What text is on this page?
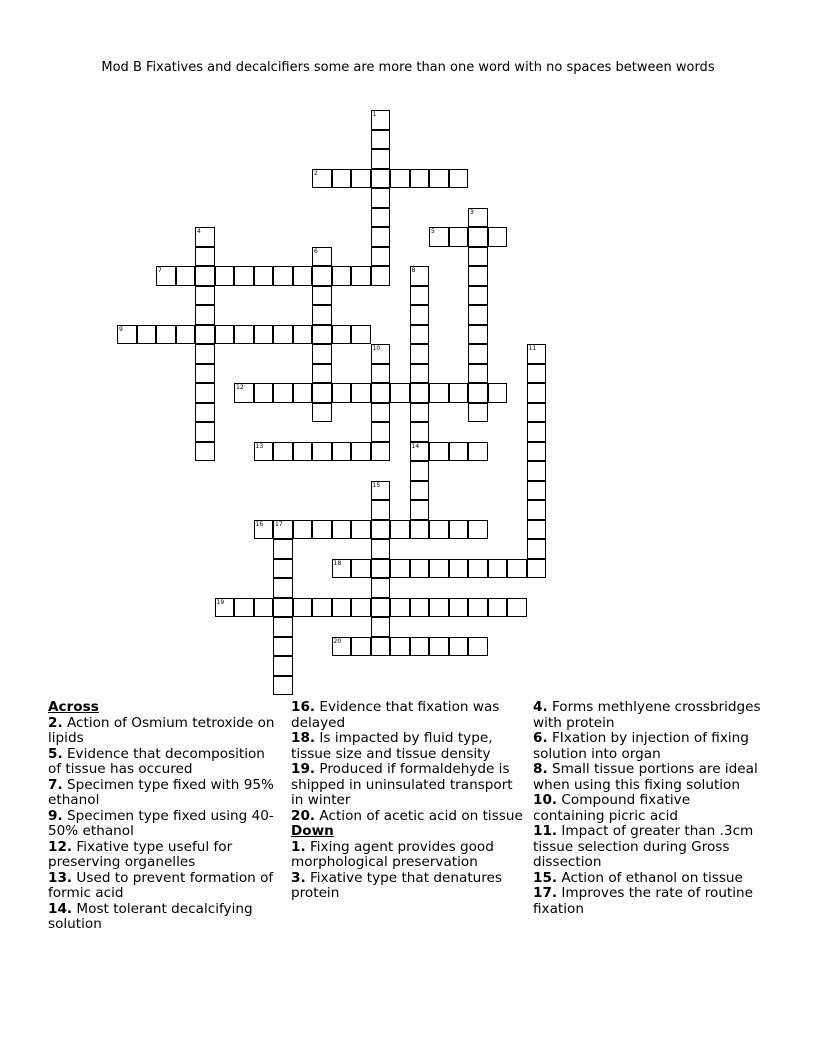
Mod B Fixatives and decalcifiers some are more than one word with no spaces between words
1
2
3
4	5
6
7	8
9
10	11
12
13	14
15
16 17
18
19
20

Across

2. Action of Osmium tetroxide on lipids

5. Evidence that decomposition of tissue has occured

7. Specimen type fixed with 95% ethanol

9. Specimen type fixed using 40-50% ethanol

12. Fixative type useful for preserving organelles

13. Used to prevent formation of formic acid

14. Most tolerant decalcifying solution

16. Evidence that fixation was delayed

18. Is impacted by fluid type, tissue size and tissue density

19. Produced if formaldehyde is shipped in uninsulated transport in winter

20. Action of acetic acid on tissue

Down

1. Fixing agent provides good morphological preservation

3. Fixative type that denatures protein

4. Forms methlyene crossbridges with protein

6. FIxation by injection of fixing solution into organ

8. Small tissue portions are ideal when using this fixing solution

10. Compound fixative containing picric acid

11. Impact of greater than .3cm tissue selection during Gross dissection

15. Action of ethanol on tissue

17. Improves the rate of routine fixation
